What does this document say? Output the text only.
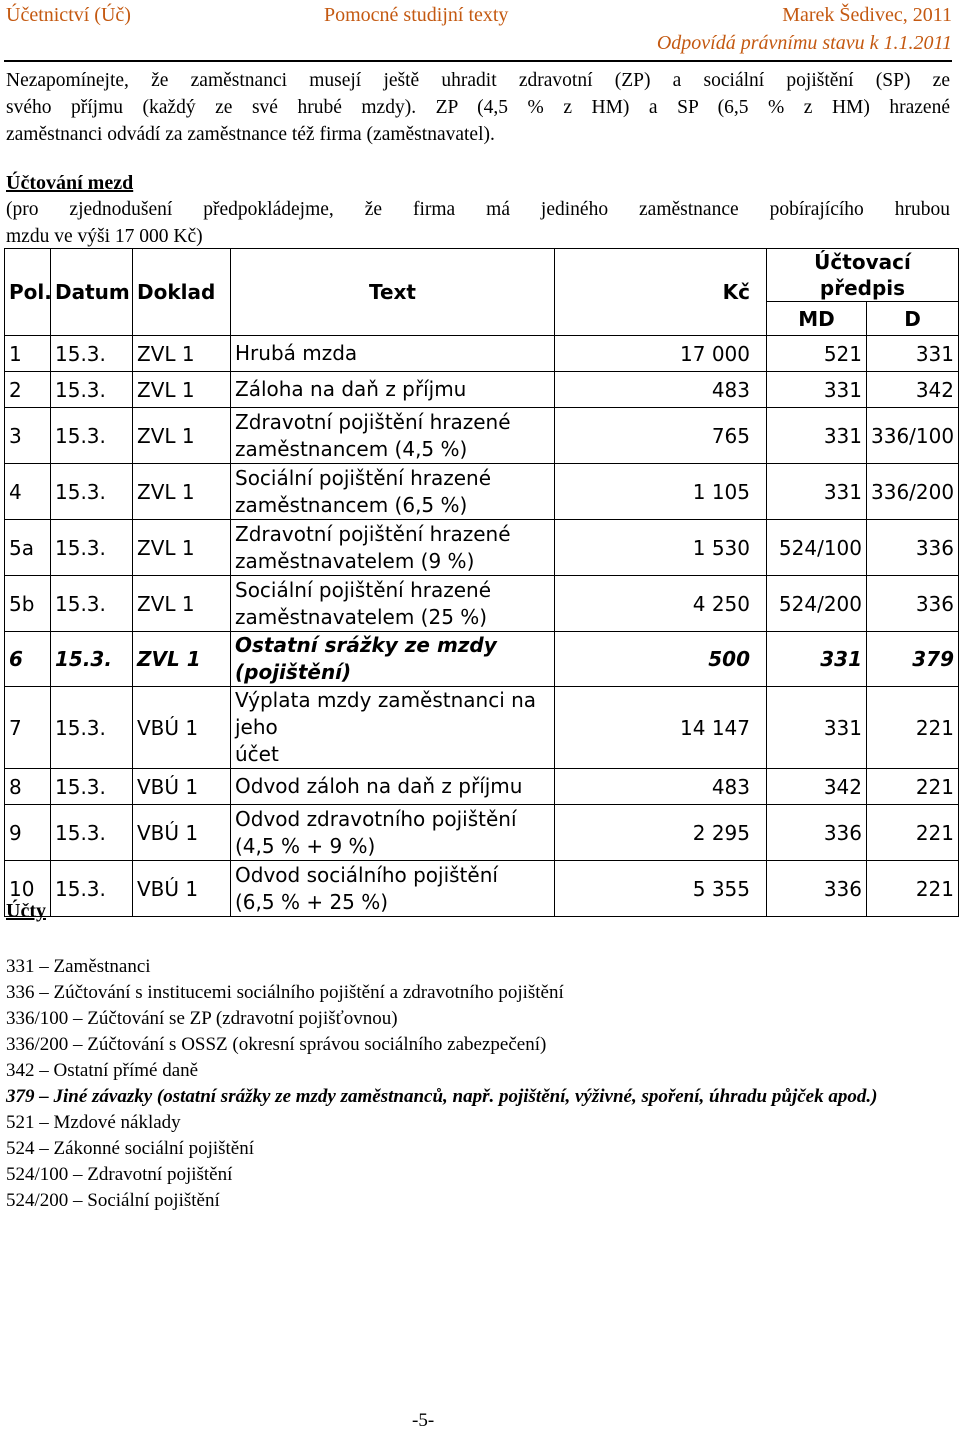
Účetnictví (Úč)	Pomocné studijní texty	Marek Šedivec, 2011
Odpovídá právnímu stavu k 1.1.2011
Nezapomínejte, že zaměstnanci musejí ještě uhradit zdravotní (ZP) a sociální pojištění (SP) ze
svého příjmu (každý ze své hrubé mzdy). ZP (4,5 % z HM) a SP (6,5 % z HM) hrazené
zaměstnanci odvádí za zaměstnance též firma (zaměstnavatel).
Účtování mezd
(pro zjednodušení předpokládejme, že firma má jediného zaměstnance pobírajícího hrubou
mzdu ve výši 17 000 Kč)
Pol.	Datum	Doklad	Text	Kč	Účtovací předpis	
					MD	D
1	15.3.	ZVL 1	Hrubá mzda	17 000	521	331
2	15.3.	ZVL 1	Záloha na daň z příjmu	483	331	342
3	15.3.	ZVL 1	Zdravotní pojištění hrazené
zaměstnancem (4,5 %)	765	331	336/100
4	15.3.	ZVL 1	Sociální pojištění hrazené
zaměstnancem (6,5 %)	1 105	331	336/200
5a	15.3.	ZVL 1	Zdravotní pojištění hrazené
zaměstnavatelem (9 %)	1 530	524/100	336
5b	15.3.	ZVL 1	Sociální pojištění hrazené
zaměstnavatelem (25 %)	4 250	524/200	336
6	15.3.	ZVL 1	Ostatní srážky ze mzdy (pojištění)	500	331	379
7	15.3.	VBÚ 1	Výplata mzdy zaměstnanci na jeho
účet	14 147	331	221
8	15.3.	VBÚ 1	Odvod záloh na daň z příjmu	483	342	221
9	15.3.	VBÚ 1	Odvod zdravotního pojištění
(4,5 % + 9 %)	2 295	336	221
10	15.3.	VBÚ 1	Odvod sociálního pojištění
(6,5 % + 25 %)	5 355	336	221
Účty
331 – Zaměstnanci
336 – Zúčtování s institucemi sociálního pojištění a zdravotního pojištění
336/100 – Zúčtování se ZP (zdravotní pojišťovnou)
336/200 – Zúčtování s OSSZ (okresní správou sociálního zabezpečení)
342 – Ostatní přímé daně
379 – Jiné závazky (ostatní srážky ze mzdy zaměstnanců, např. pojištění, výživné, spoření, úhradu půjček apod.)
521 – Mzdové náklady
524 – Zákonné sociální pojištění
524/100 – Zdravotní pojištění
524/200 – Sociální pojištění
-5-
